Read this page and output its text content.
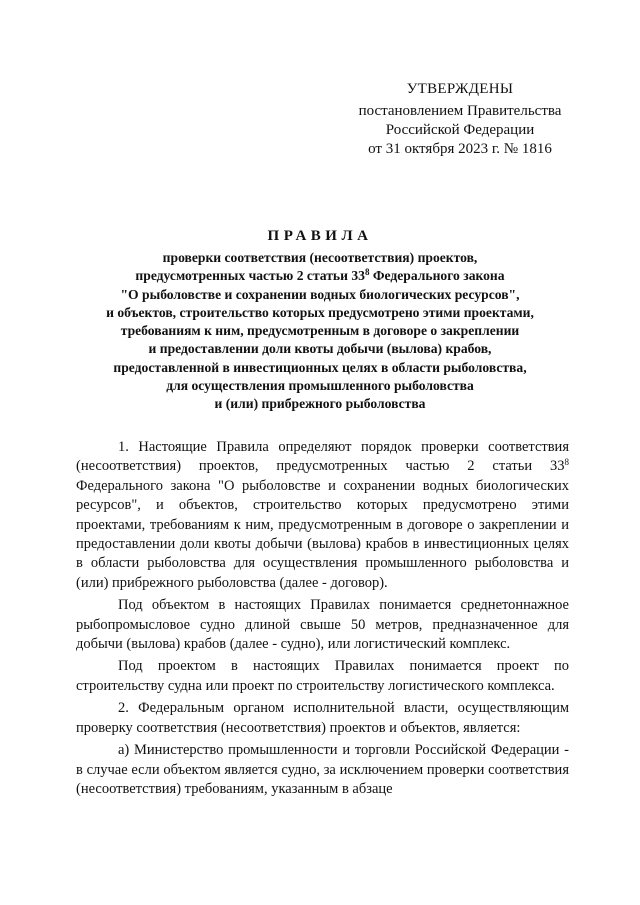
УТВЕРЖДЕНЫ
постановлением Правительства
Российской Федерации
от 31 октября 2023 г. № 1816
ПРАВИЛА
проверки соответствия (несоответствия) проектов,
предусмотренных частью 2 статьи $33^8$ Федерального закона
"О рыболовстве и сохранении водных биологических ресурсов",
и объектов, строительство которых предусмотрено этими проектами,
требованиям к ним, предусмотренным в договоре о закреплении
и предоставлении доли квоты добычи (вылова) крабов,
предоставленной в инвестиционных целях в области рыболовства,
для осуществления промышленного рыболовства
и (или) прибрежного рыболовства

1. Настоящие Правила определяют порядок проверки соответствия (несоответствия) проектов, предусмотренных частью 2 статьи $33^8$ Федерального закона "О рыболовстве и сохранении водных биологических ресурсов", и объектов, строительство которых предусмотрено этими проектами, требованиям к ним, предусмотренным в договоре о закреплении и предоставлении доли квоты добычи (вылова) крабов в инвестиционных целях в области рыболовства для осуществления промышленного рыболовства и (или) прибрежного рыболовства (далее - договор).

Под объектом в настоящих Правилах понимается среднетоннажное рыбопромысловое судно длиной свыше 50 метров, предназначенное для добычи (вылова) крабов (далее - судно), или логистический комплекс.

Под проектом в настоящих Правилах понимается проект по строительству судна или проект по строительству логистического комплекса.

2. Федеральным органом исполнительной власти, осуществляющим проверку соответствия (несоответствия) проектов и объектов, является:

а) Министерство промышленности и торговли Российской Федерации - в случае если объектом является судно, за исключением проверки соответствия (несоответствия) требованиям, указанным в абзаце
